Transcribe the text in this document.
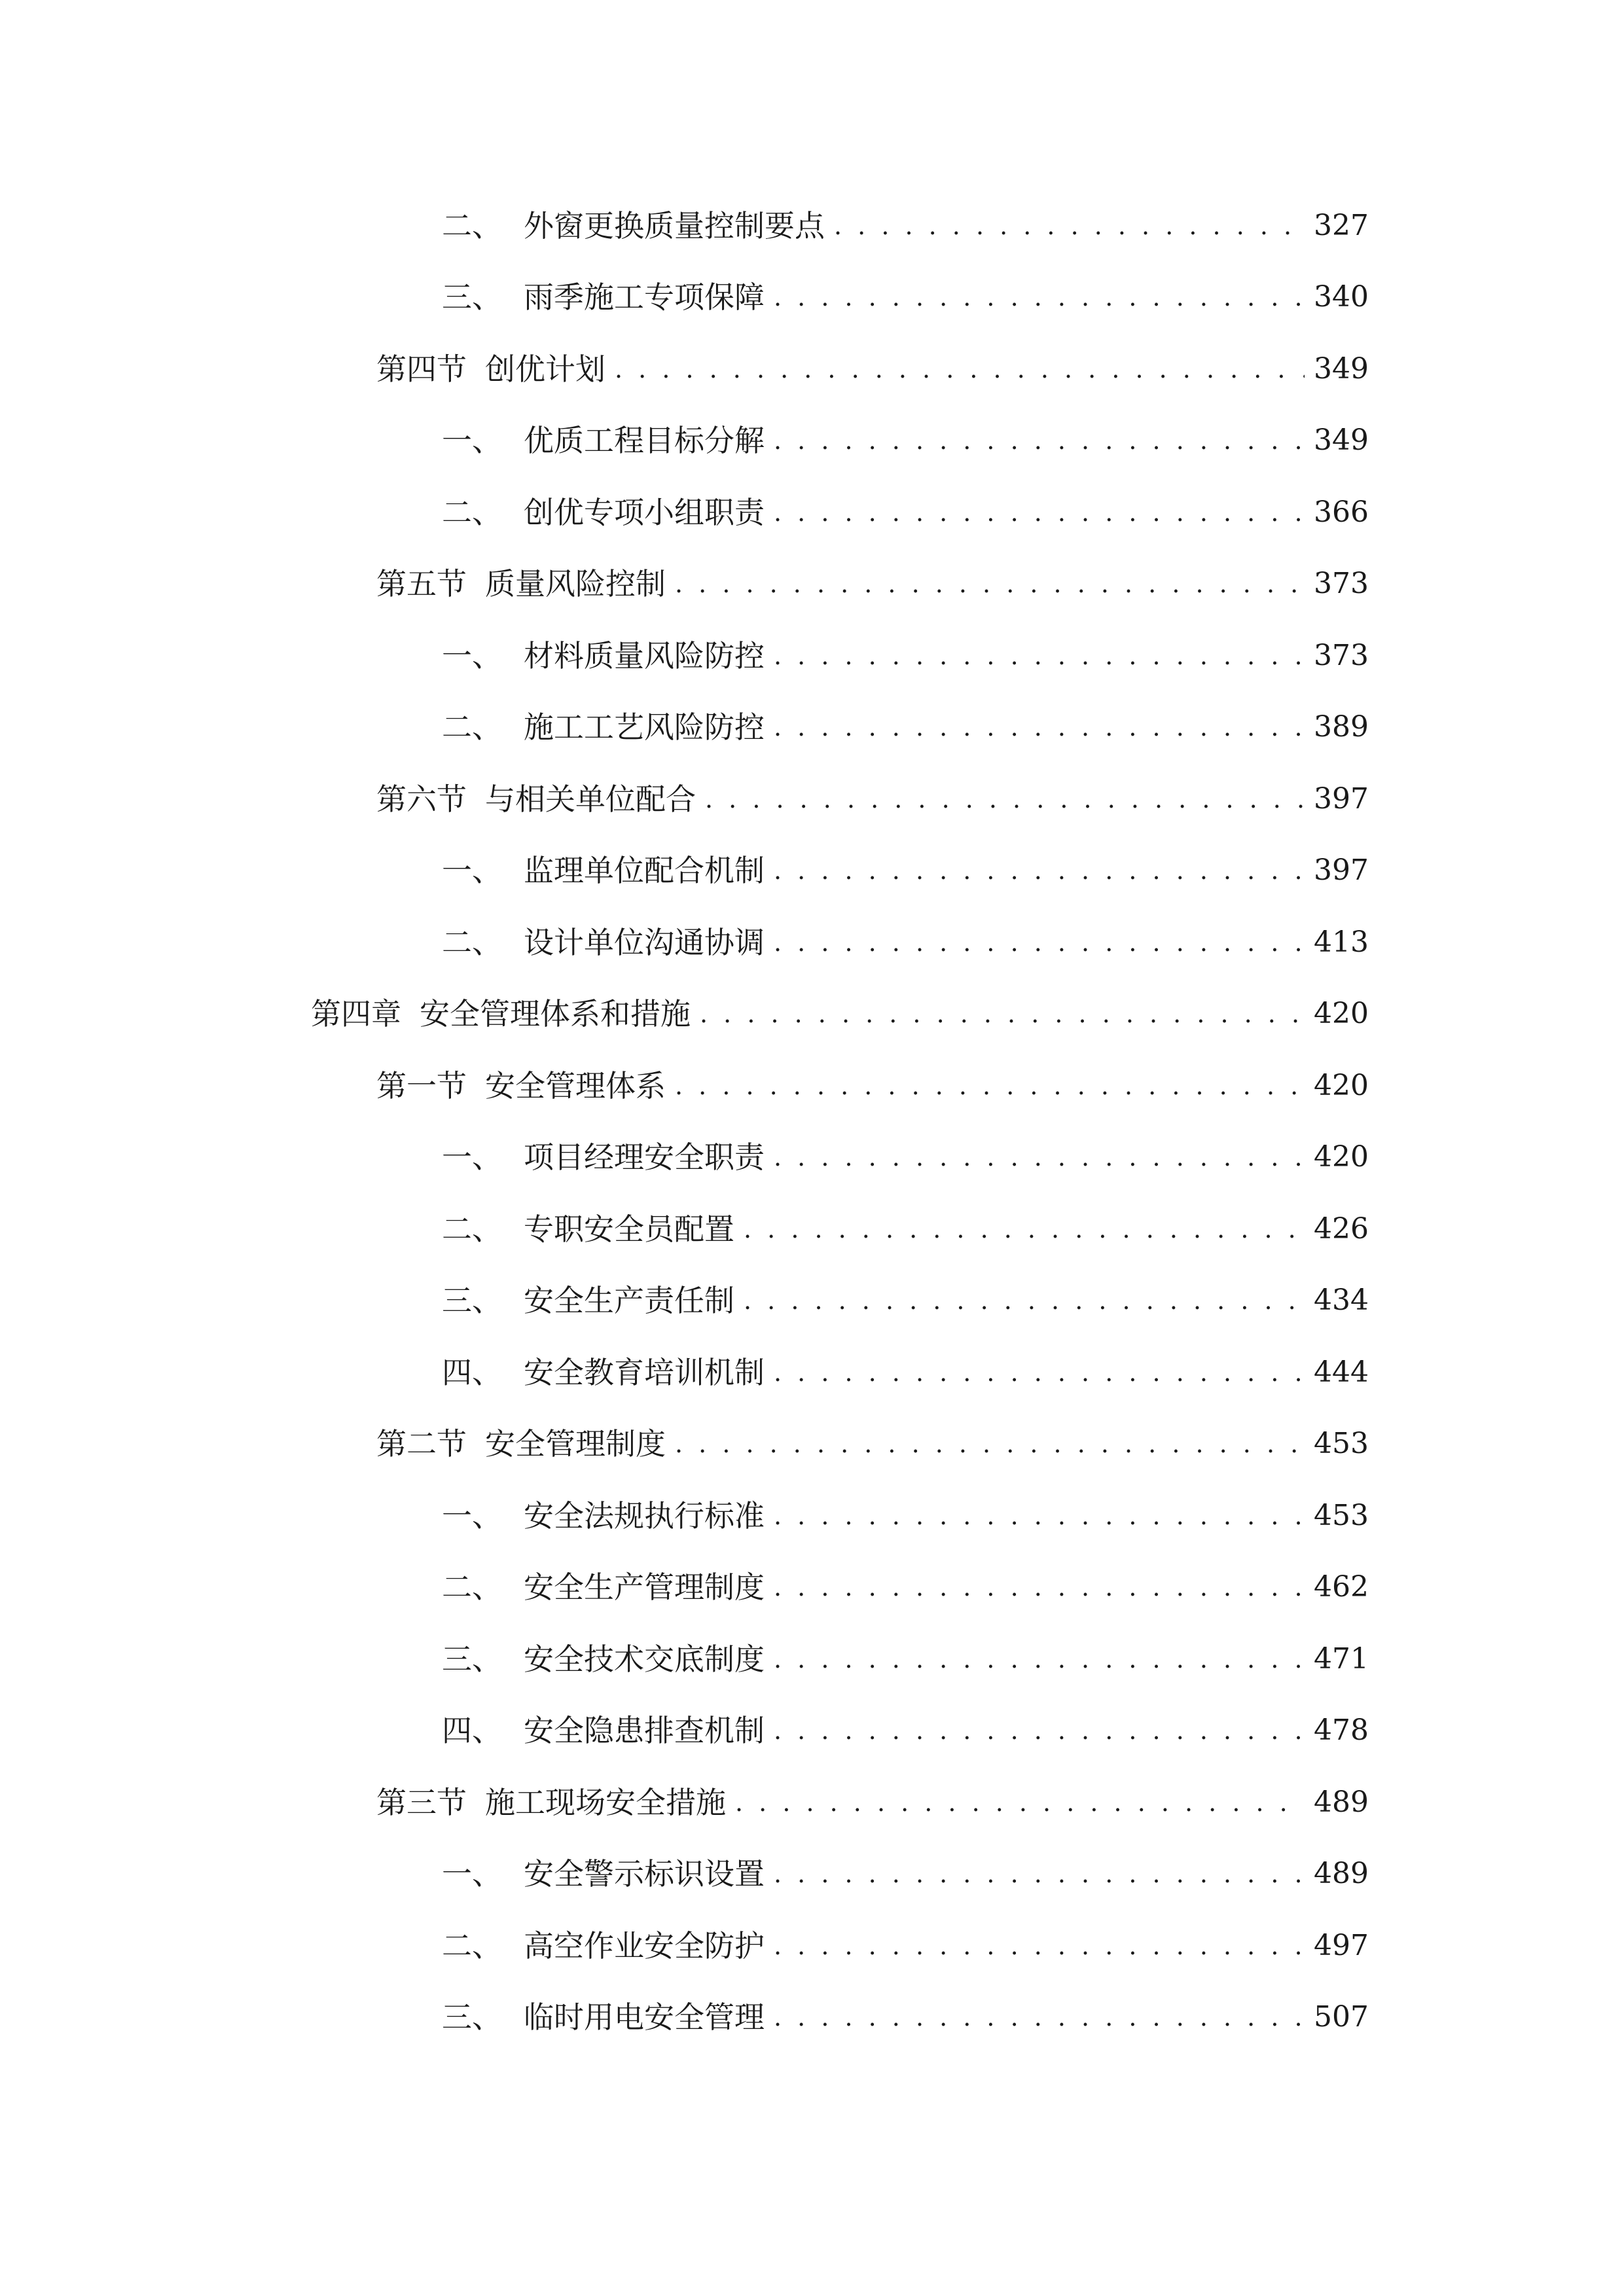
二、 外窗更换质量控制要点 . . .	327
三、 雨季施工专项保障 . . .	340
第四节 创优计划 . . .	349
一、 优质工程目标分解 . . .	349
二、 创优专项小组职责 . . .	366
第五节 质量风险控制 . . .	373
一、 材料质量风险防控 . . .	373
二、 施工工艺风险防控 . . .	389
第六节 与相关单位配合 . . .	397
一、 监理单位配合机制 . . .	397
二、 设计单位沟通协调 . . .	413
第四章 安全管理体系和措施 . . .	420
第一节 安全管理体系 . . .	420
一、 项目经理安全职责 . . .	420
二、 专职安全员配置 . . .	426
三、 安全生产责任制 . . .	434
四、 安全教育培训机制 . . .	444
第二节 安全管理制度 . . .	453
一、 安全法规执行标准 . . .	453
二、 安全生产管理制度 . . .	462
三、 安全技术交底制度 . . .	471
四、 安全隐患排查机制 . . .	478
第三节 施工现场安全措施 . . .	489
一、 安全警示标识设置 . . .	489
二、 高空作业安全防护 . . .	497
三、 临时用电安全管理 . . .	507
